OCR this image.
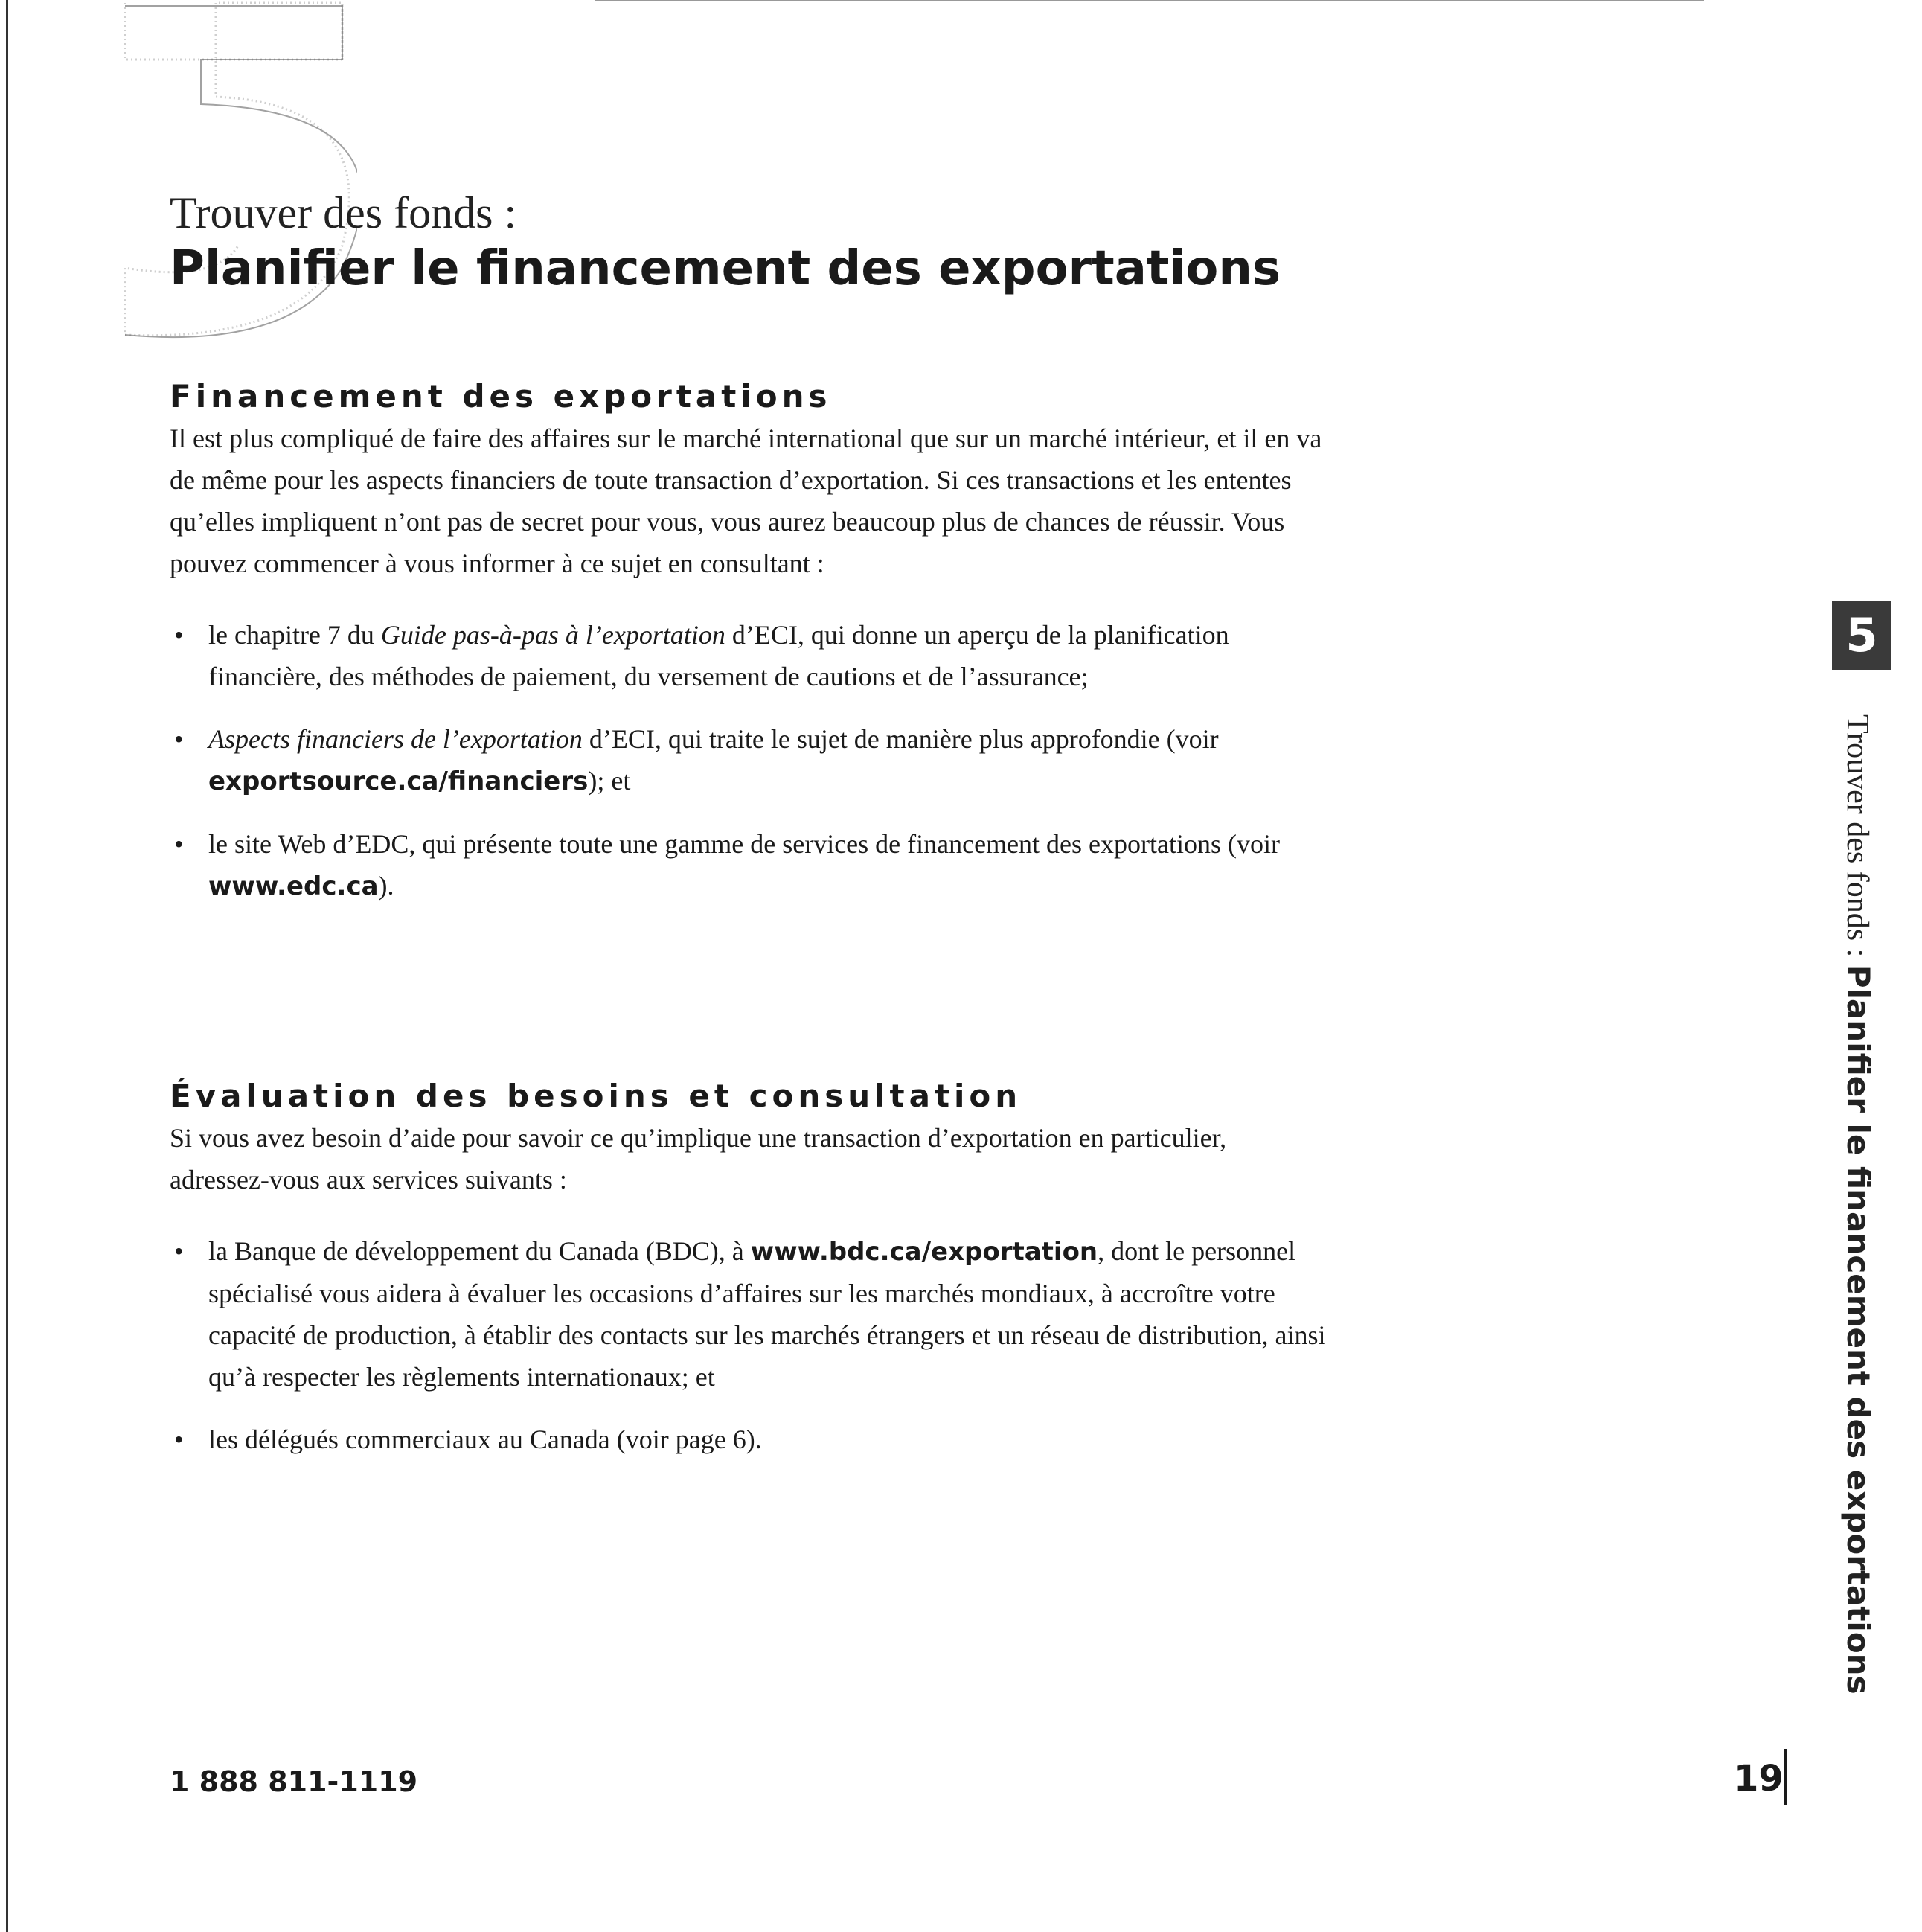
Trouver des fonds :
Planifier le financement des exportations
Financement des exportations

Il est plus compliqué de faire des affaires sur le marché international que sur un marché intérieur, et il en va de même pour les aspects financiers de toute transaction d’exportation. Si ces transactions et les ententes qu’elles impliquent n’ont pas de secret pour vous, vous aurez beaucoup plus de chances de réussir. Vous pouvez commencer à vous informer à ce sujet en consultant :

• le chapitre 7 du Guide pas-à-pas à l’exportation d’ECI, qui donne un aperçu de la planification financière, des méthodes de paiement, du versement de cautions et de l’assurance;
• Aspects financiers de l’exportation d’ECI, qui traite le sujet de manière plus approfondie (voir exportsource.ca/financiers); et
• le site Web d’EDC, qui présente toute une gamme de services de financement des exportations (voir www.edc.ca).
Évaluation des besoins et consultation

Si vous avez besoin d’aide pour savoir ce qu’implique une transaction d’exportation en particulier, adressez-vous aux services suivants :

• la Banque de développement du Canada (BDC), à www.bdc.ca/exportation, dont le personnel spécialisé vous aidera à évaluer les occasions d’affaires sur les marchés mondiaux, à accroître votre capacité de production, à établir des contacts sur les marchés étrangers et un réseau de distribution, ainsi qu’à respecter les règlements internationaux; et
• les délégués commerciaux au Canada (voir page 6).
5
Trouver des fonds : Planifier le financement des exportations
1 888 811-1119	19
